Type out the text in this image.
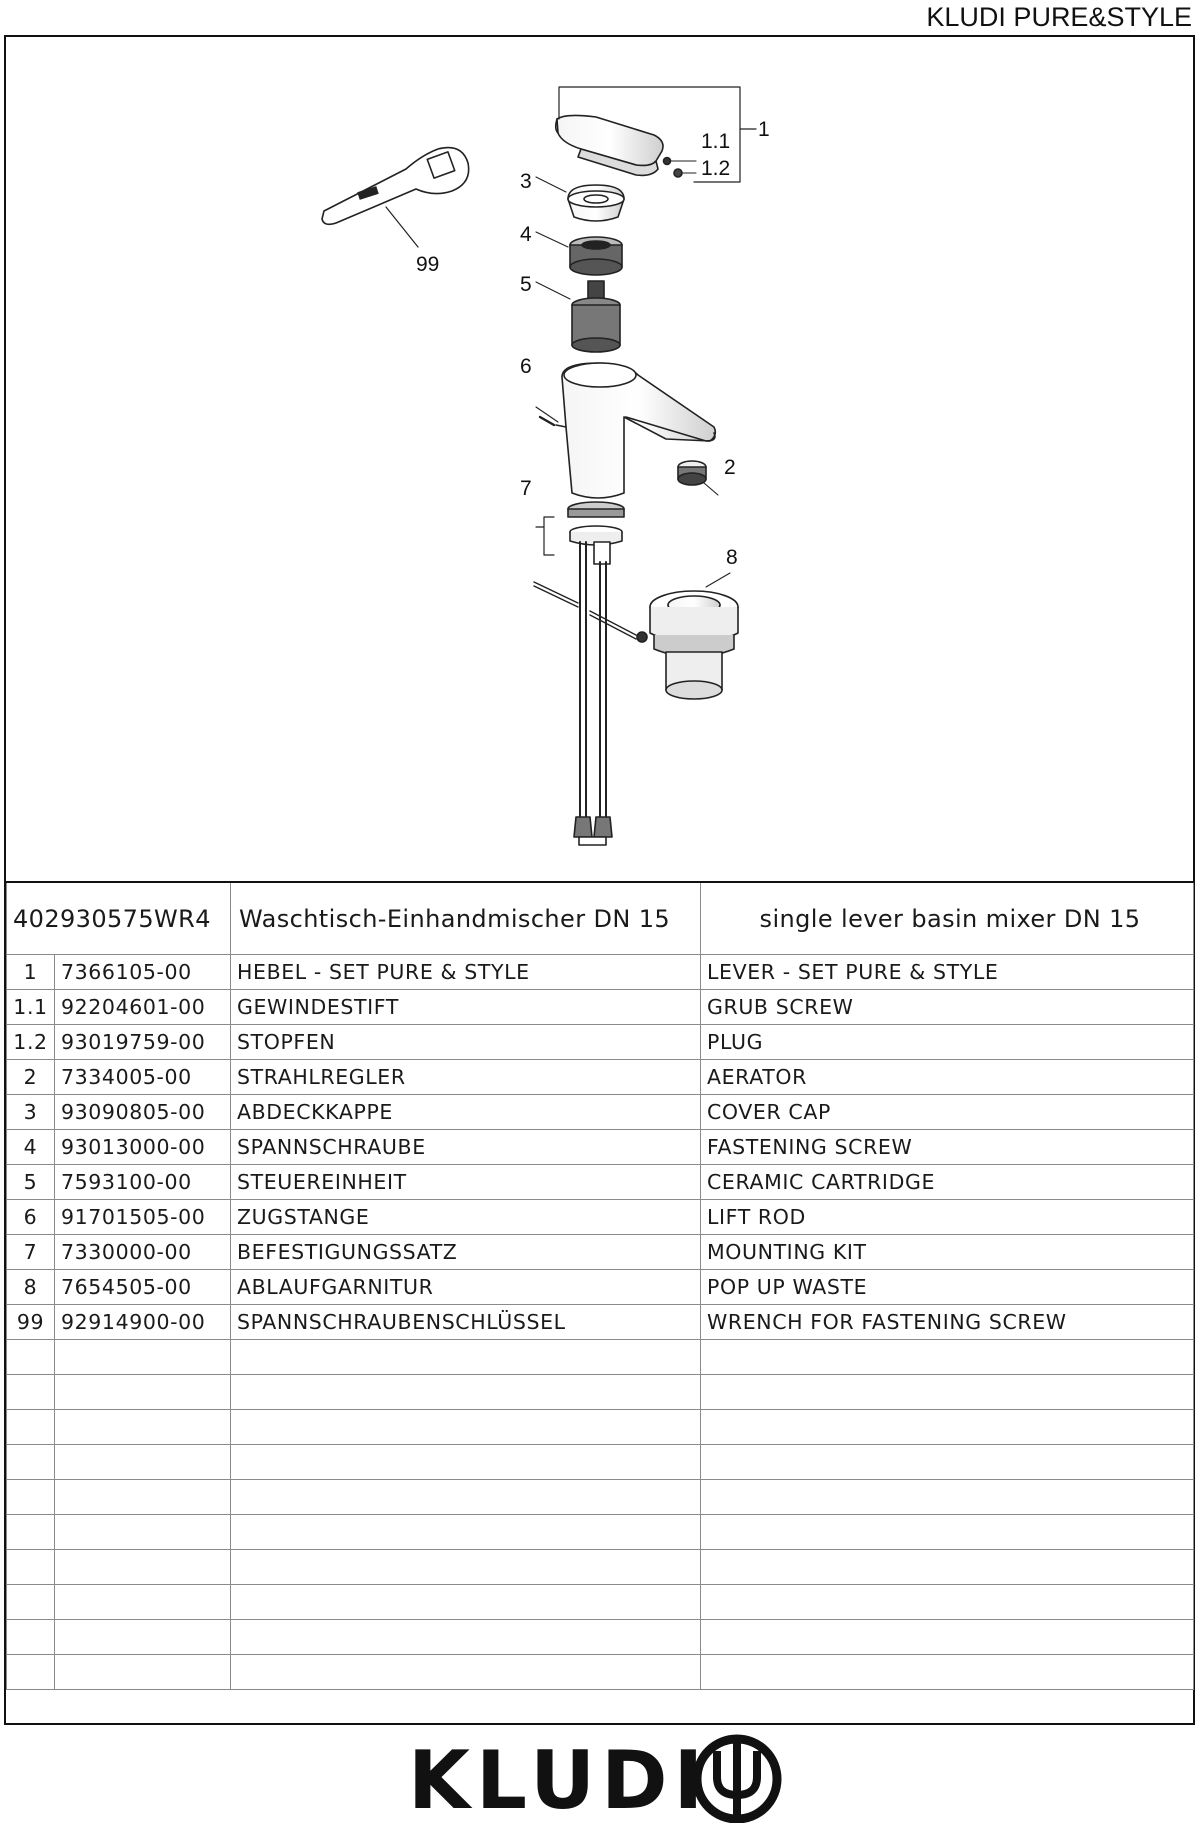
KLUDI PURE&STYLE
99
3
4
5
6
7
8
2
1
1.1
1.2
402930575WR4		Waschtisch-Einhandmischer DN 15	single lever basin mixer DN 15
1	7366105-00	HEBEL - SET PURE & STYLE	LEVER - SET PURE & STYLE
1.1	92204601-00	GEWINDESTIFT	GRUB SCREW
1.2	93019759-00	STOPFEN	PLUG
2	7334005-00	STRAHLREGLER	AERATOR
3	93090805-00	ABDECKKAPPE	COVER CAP
4	93013000-00	SPANNSCHRAUBE	FASTENING SCREW
5	7593100-00	STEUEREINHEIT	CERAMIC CARTRIDGE
6	91701505-00	ZUGSTANGE	LIFT ROD
7	7330000-00	BEFESTIGUNGSSATZ	MOUNTING KIT
8	7654505-00	ABLAUFGARNITUR	POP UP WASTE
99	92914900-00	SPANNSCHRAUBENSCHLÜSSEL	WRENCH FOR FASTENING SCREW

KLUDI
